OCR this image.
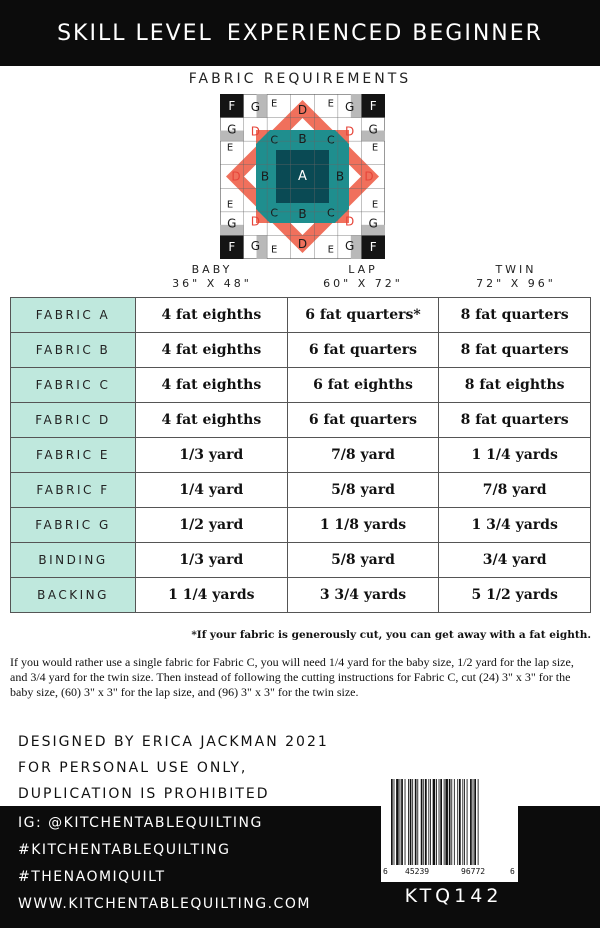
SKILL LEVEL EXPERIENCED BEGINNER
FABRIC REQUIREMENTS
F	F
F	F
G	G
G	G
G	G
G	G
E	E
E	E
E	E
E	E
D
D
D	D
D	D
D	D
C	C
C	C
B
B
B	B
A
BABY
36" X 48"
LAP
60" X 72"
TWIN
72" X 96"
FABRIC A	4 fat eighths	6 fat quarters*	8 fat quarters
FABRIC B	4 fat eighths	6 fat quarters	8 fat quarters
FABRIC C	4 fat eighths	6 fat eighths	8 fat eighths
FABRIC D	4 fat eighths	6 fat quarters	8 fat quarters
FABRIC E	1/3 yard	7/8 yard	1 1/4 yards
FABRIC F	1/4 yard	5/8 yard	7/8 yard
FABRIC G	1/2 yard	1 1/8 yards	1 3/4 yards
BINDING	1/3 yard	5/8 yard	3/4 yard
BACKING	1 1/4 yards	3 3/4 yards	5 1/2 yards
*If your fabric is generously cut, you can get away with a fat eighth.
If you would rather use a single fabric for Fabric C, you will need 1/4 yard for the baby size, 1/2 yard for the lap size, and 3/4 yard for the twin size. Then instead of following the cutting instructions for Fabric C, cut (24) 3" x 3" for the baby size, (60) 3" x 3" for the lap size, and (96) 3" x 3" for the twin size.
DESIGNED BY ERICA JACKMAN 2021
FOR PERSONAL USE ONLY,
DUPLICATION IS PROHIBITED
IG: @KITCHENTABLEQUILTING
#KITCHENTABLEQUILTING
#THENAOMIQUILT
WWW.KITCHENTABLEQUILTING.COM
6 45239	96772	6
KTQ142
